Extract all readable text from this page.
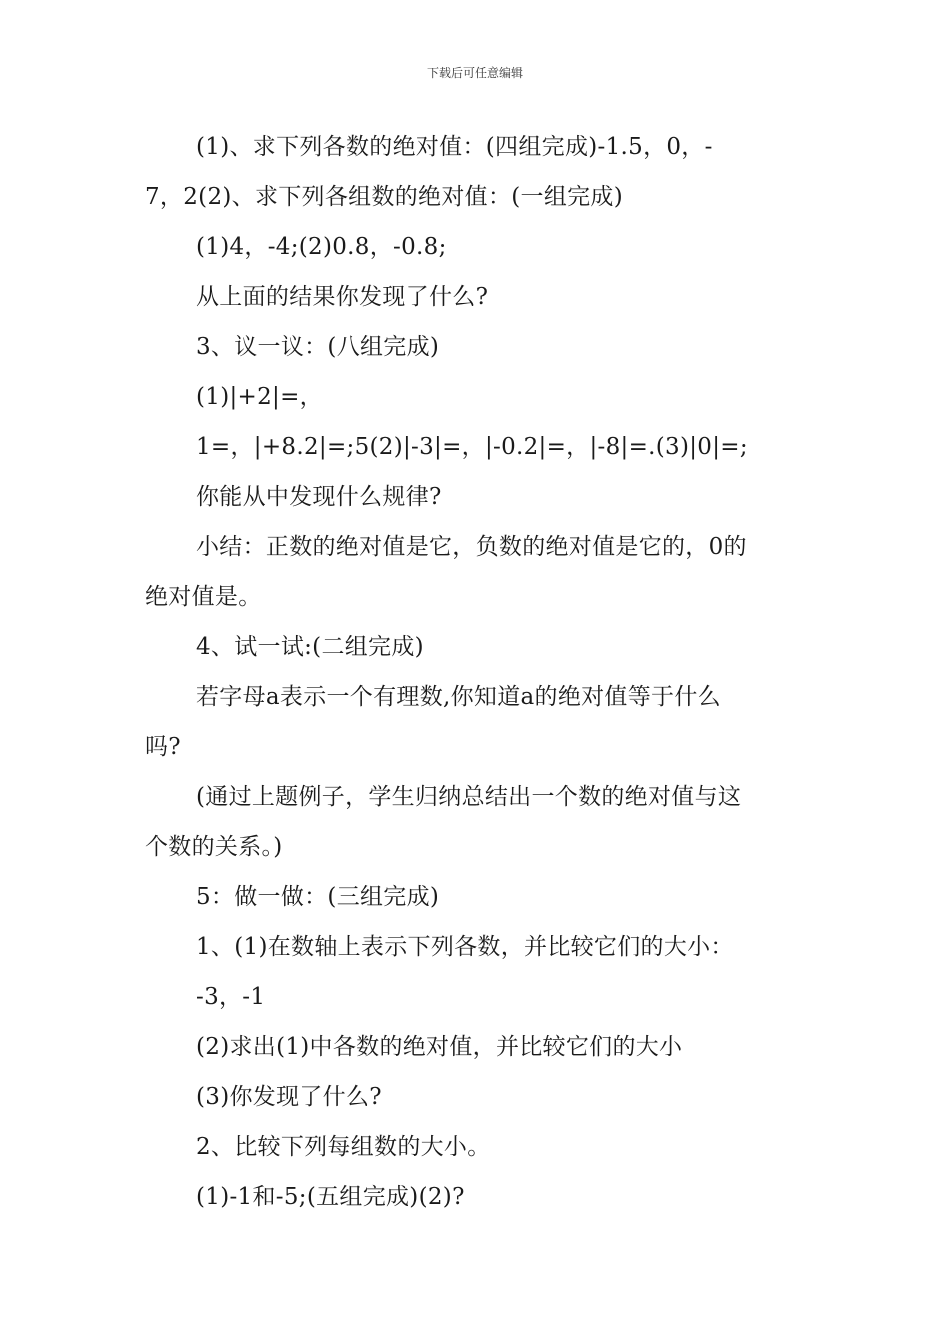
下载后可任意编辑
(1)、求下列各数的绝对值：(四组完成)-1.5，0，-
7，2(2)、求下列各组数的绝对值：(一组完成)
(1)4，-4;(2)0.8，-0.8;
从上面的结果你发现了什么?
3、议一议：(八组完成)
(1)|+2|=，
1=，|+8.2|=;5(2)|-3|=，|-0.2|=，|-8|=.(3)|0|=;
你能从中发现什么规律?
小结：正数的绝对值是它，负数的绝对值是它的，0的
绝对值是。
4、试一试:(二组完成)
若字母a表示一个有理数,你知道a的绝对值等于什么
吗?
(通过上题例子，学生归纳总结出一个数的绝对值与这
个数的关系。)
5：做一做：(三组完成)
1、(1)在数轴上表示下列各数，并比较它们的大小：
-3，-1
(2)求出(1)中各数的绝对值，并比较它们的大小
(3)你发现了什么?
2、比较下列每组数的大小。
(1)-1和-5;(五组完成)(2)?
